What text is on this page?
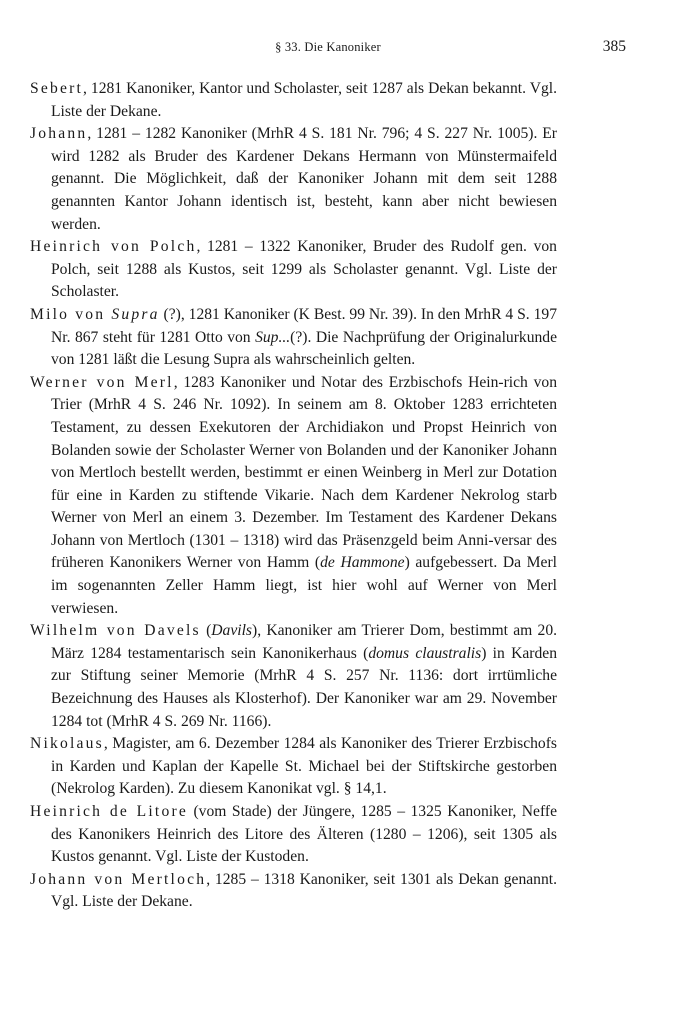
§ 33. Die Kanoniker	385

Sebert, 1281 Kanoniker, Kantor und Scholaster, seit 1287 als Dekan bekannt. Vgl. Liste der Dekane.

Johann, 1281 – 1282 Kanoniker (MrhR 4 S. 181 Nr. 796; 4 S. 227 Nr. 1005). Er wird 1282 als Bruder des Kardener Dekans Hermann von Münstermaifeld genannt. Die Möglichkeit, daß der Kanoniker Johann mit dem seit 1288 genannten Kantor Johann identisch ist, besteht, kann aber nicht bewiesen werden.

Heinrich von Polch, 1281 – 1322 Kanoniker, Bruder des Rudolf gen. von Polch, seit 1288 als Kustos, seit 1299 als Scholaster genannt. Vgl. Liste der Scholaster.

Milo von Supra (?), 1281 Kanoniker (K Best. 99 Nr. 39). In den MrhR 4 S. 197 Nr. 867 steht für 1281 Otto von Sup...(?). Die Nachprüfung der Originalurkunde von 1281 läßt die Lesung Supra als wahrscheinlich gelten.

Werner von Merl, 1283 Kanoniker und Notar des Erzbischofs Hein-rich von Trier (MrhR 4 S. 246 Nr. 1092). In seinem am 8. Oktober 1283 errichteten Testament, zu dessen Exekutoren der Archidiakon und Propst Heinrich von Bolanden sowie der Scholaster Werner von Bolanden und der Kanoniker Johann von Mertloch bestellt werden, bestimmt er einen Weinberg in Merl zur Dotation für eine in Karden zu stiftende Vikarie. Nach dem Kardener Nekrolog starb Werner von Merl an einem 3. Dezember. Im Testament des Kardener Dekans Johann von Mertloch (1301 – 1318) wird das Präsenzgeld beim Anni-versar des früheren Kanonikers Werner von Hamm (de Hammone) aufgebessert. Da Merl im sogenannten Zeller Hamm liegt, ist hier wohl auf Werner von Merl verwiesen.

Wilhelm von Davels (Davils), Kanoniker am Trierer Dom, bestimmt am 20. März 1284 testamentarisch sein Kanonikerhaus (domus claustralis) in Karden zur Stiftung seiner Memorie (MrhR 4 S. 257 Nr. 1136: dort irrtümliche Bezeichnung des Hauses als Klosterhof). Der Kanoniker war am 29. November 1284 tot (MrhR 4 S. 269 Nr. 1166).

Nikolaus, Magister, am 6. Dezember 1284 als Kanoniker des Trierer Erzbischofs in Karden und Kaplan der Kapelle St. Michael bei der Stiftskirche gestorben (Nekrolog Karden). Zu diesem Kanonikat vgl. § 14,1.

Heinrich de Litore (vom Stade) der Jüngere, 1285 – 1325 Kanoniker, Neffe des Kanonikers Heinrich des Litore des Älteren (1280 – 1206), seit 1305 als Kustos genannt. Vgl. Liste der Kustoden.

Johann von Mertloch, 1285 – 1318 Kanoniker, seit 1301 als Dekan genannt. Vgl. Liste der Dekane.
